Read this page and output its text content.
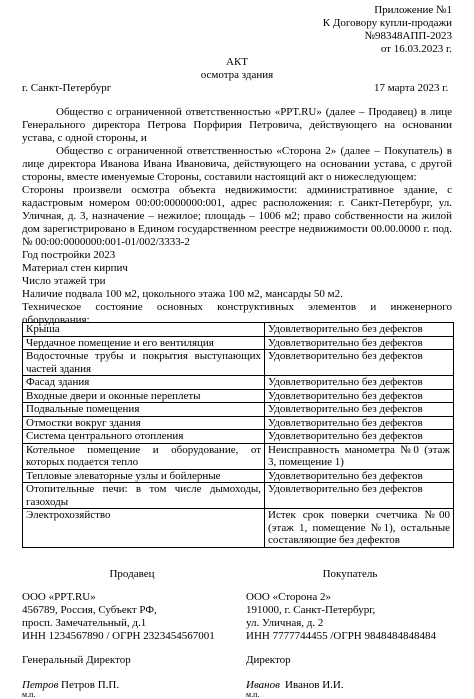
Приложение №1
К Договору купли-продажи
№98348АПП-2023
от 16.03.2023 г.
АКТ
осмотра здания
г. Санкт-Петербург	17 марта 2023 г.
Общество с ограниченной ответственностью «PPT.RU» (далее – Продавец) в лице Генерального директора Петрова Порфирия Петровича, действующего на основании устава, с одной стороны, и
Общество с ограниченной ответственностью «Сторона 2» (далее – Покупатель) в лице директора Иванова Ивана Ивановича, действующего на основании устава, с другой стороны, вместе именуемые Стороны, составили настоящий акт о нижеследующем:
Стороны произвели осмотра объекта недвижимости: административное здание, с кадастровым номером 00:00:0000000:001, адрес расположения: г. Санкт-Петербург, ул. Уличная, д. 3, назначение – нежилое; площадь – 1006 м2; право собственности на жилой дом зарегистрировано в Едином государственном реестре недвижимости 00.00.0000 г. под. № 00:00:0000000:001-01/002/3333-2
Год постройки 2023
Материал стен кирпич
Число этажей три
Наличие подвала 100 м2, цокольного этажа 100 м2, мансарды 50 м2.
Техническое состояние основных конструктивных элементов и инженерного оборудования:
Крыша	Удовлетворительно без дефектов
Чердачное помещение и его вентиляция	Удовлетворительно без дефектов
Водосточные трубы и покрытия выступающих частей здания	Удовлетворительно без дефектов
Фасад здания	Удовлетворительно без дефектов
Входные двери и оконные переплеты	Удовлетворительно без дефектов
Подвальные помещения	Удовлетворительно без дефектов
Отмостки вокруг здания	Удовлетворительно без дефектов
Система центрального отопления	Удовлетворительно без дефектов
Котельное помещение и оборудование, от которых подается тепло	Неисправность манометра №0 (этаж 3, помещение 1)
Тепловые элеваторные узлы и бойлерные	Удовлетворительно без дефектов
Отопительные печи: в том числе дымоходы, газоходы	Удовлетворительно без дефектов
Электрохозяйство	Истек срок поверки счетчика №00 (этаж 1, помещение №1), остальные составляющие без дефектов
Продавец
ООО «PPT.RU»
456789, Россия, Субъект РФ,
просп. Замечательный, д.1
ИНН 1234567890 / ОГРН 2323454567001
Генеральный Директор
Петров Петров П.П.
м.п.
Покупатель
ООО «Сторона 2»
191000, г. Санкт-Петербург,
ул. Уличная, д. 2
ИНН 7777744455 /ОГРН 9848484848484
Директор
Иванов Иванов И.И.
м.п.
